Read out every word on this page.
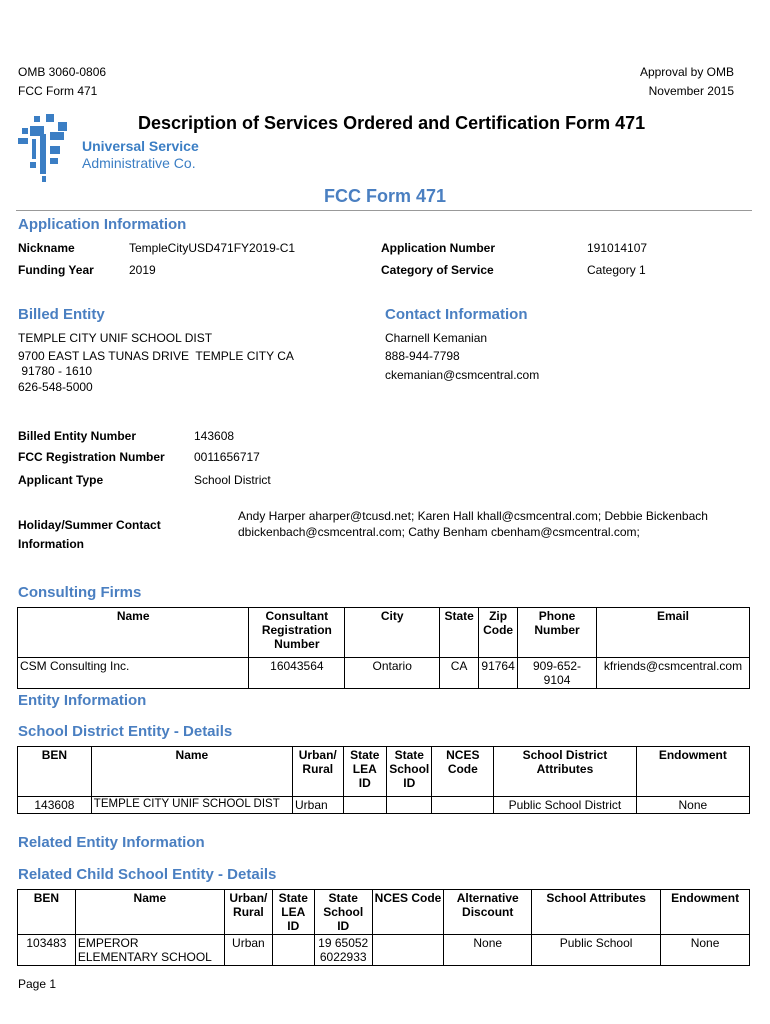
OMB 3060-0806
FCC Form 471
Approval by OMB
November 2015
Universal Service
Administrative Co.
Description of Services Ordered and Certification Form 471
FCC Form 471
Application Information
Nickname	TempleCityUSD471FY2019-C1
Funding Year	2019
Application Number	191014107
Category of Service	Category 1
Billed Entity
TEMPLE CITY UNIF SCHOOL DIST
9700 EAST LAS TUNAS DRIVE  TEMPLE CITY CA
91780 - 1610
626-548-5000
Contact Information
Charnell Kemanian
888-944-7798
ckemanian@csmcentral.com
Billed Entity Number	143608
FCC Registration Number 0011656717
Applicant Type	School District
Holiday/Summer Contact
Information
Andy Harper aharper@tcusd.net; Karen Hall khall@csmcentral.com; Debbie Bickenbach
dbickenbach@csmcentral.com; Cathy Benham cbenham@csmcentral.com;
Consulting Firms
Name	Consultant Registration Number	City	State	Zip Code	Phone Number	Email
CSM Consulting Inc.	16043564	Ontario	CA	91764	909-652-9104	kfriends@csmcentral.com
Entity Information
School District Entity - Details
BEN	Name	Urban/ Rural	State LEA ID	State School ID	NCES Code	School District Attributes	Endowment
143608	TEMPLE CITY UNIF SCHOOL DIST	Urban				Public School District	None
Related Entity Information
Related Child School Entity - Details
BEN	Name	Urban/ Rural	State LEA ID	State School ID	NCES Code	Alternative Discount	School Attributes	Endowment
103483	EMPEROR ELEMENTARY SCHOOL	Urban		19 65052 6022933		None	Public School	None
Page 1
